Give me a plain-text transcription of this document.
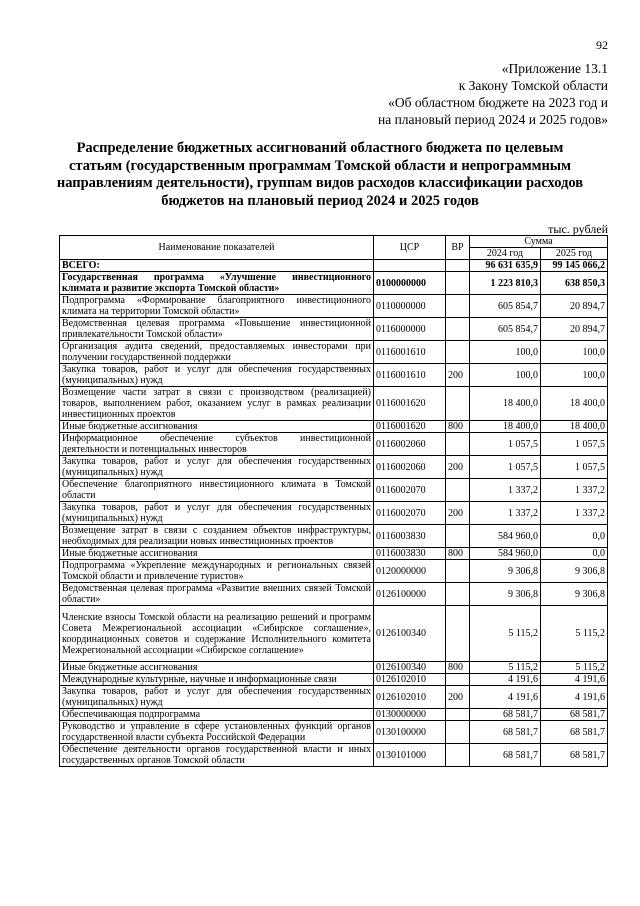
92
«Приложение 13.1
к Закону Томской области
«Об областном бюджете на 2023 год и
на плановый период 2024 и 2025 годов»
Распределение бюджетных ассигнований областного бюджета по целевым статьям (государственным программам Томской области и непрограммным направлениям деятельности), группам видов расходов классификации расходов бюджетов на плановый период 2024 и 2025 годов
тыс. рублей
Наименование показателей	ЦСР	ВР	Сумма	
			2024 год	2025 год
ВСЕГО:			96 631 635,9	99 145 066,2
Государственная программа «Улучшение инвестиционного климата и развитие экспорта Томской области»	0100000000		1 223 810,3	638 850,3
Подпрограмма «Формирование благоприятного инвестиционного климата на территории Томской области»	0110000000		605 854,7	20 894,7
Ведомственная целевая программа «Повышение инвестиционной привлекательности Томской области»	0116000000		605 854,7	20 894,7
Организация аудита сведений, предоставляемых инвесторами при получении государственной поддержки	0116001610		100,0	100,0
Закупка товаров, работ и услуг для обеспечения государственных (муниципальных) нужд	0116001610	200	100,0	100,0
Возмещение части затрат в связи с производством (реализацией) товаров, выполнением работ, оказанием услуг в рамках реализации инвестиционных проектов	0116001620		18 400,0	18 400,0
Иные бюджетные ассигнования	0116001620	800	18 400,0	18 400,0
Информационное обеспечение субъектов инвестиционной деятельности и потенциальных инвесторов	0116002060		1 057,5	1 057,5
Закупка товаров, работ и услуг для обеспечения государственных (муниципальных) нужд	0116002060	200	1 057,5	1 057,5
Обеспечение благоприятного инвестиционного климата в Томской области	0116002070		1 337,2	1 337,2
Закупка товаров, работ и услуг для обеспечения государственных (муниципальных) нужд	0116002070	200	1 337,2	1 337,2
Возмещение затрат в связи с созданием объектов инфраструктуры, необходимых для реализации новых инвестиционных проектов	0116003830		584 960,0	0,0
Иные бюджетные ассигнования	0116003830	800	584 960,0	0,0
Подпрограмма «Укрепление международных и региональных связей Томской области и привлечение туристов»	0120000000		9 306,8	9 306,8
Ведомственная целевая программа «Развитие внешних связей Томской области»	0126100000		9 306,8	9 306,8
Членские взносы Томской области на реализацию решений и программ Совета Межрегиональной ассоциации «Сибирское соглашение», координационных советов и содержание Исполнительного комитета Межрегиональной ассоциации «Сибирское соглашение»	0126100340		5 115,2	5 115,2
Иные бюджетные ассигнования	0126100340	800	5 115,2	5 115,2
Международные культурные, научные и информационные связи	0126102010		4 191,6	4 191,6
Закупка товаров, работ и услуг для обеспечения государственных (муниципальных) нужд	0126102010	200	4 191,6	4 191,6
Обеспечивающая подпрограмма	0130000000		68 581,7	68 581,7
Руководство и управление в сфере установленных функций органов государственной власти субъекта Российской Федерации	0130100000		68 581,7	68 581,7
Обеспечение деятельности органов государственной власти и иных государственных органов Томской области	0130101000		68 581,7	68 581,7
